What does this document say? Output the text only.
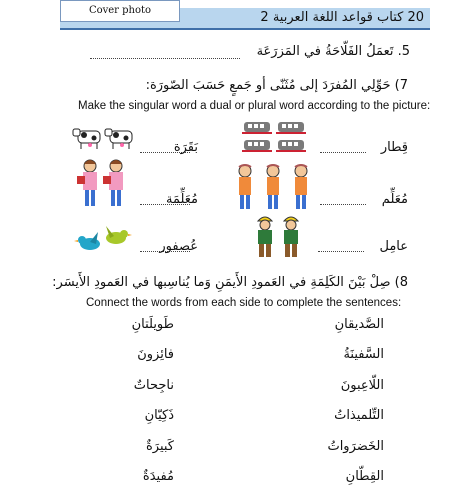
Cover photo	20 كتاب قواعد اللغة العربية 2
5. تَعمَلُ الفَلّاحَةُ في المَزرَعَة
7) حَوِّلِي المُفرَدَ إلى مُثَنّى أو جَمعٍ حَسَبَ الصّورَة:
Make the singular word a dual or plural word according to the picture:
قِطار
بَقَرَة
مُعَلِّم
مُعَلِّمَة
عامِل
عُصفور
8) صِلْ بَيْنَ الكَلِمَةِ في العَمودِ الأَيمَنِ وَما يُناسِبها في العَمودِ الأَيسَر:
Connect the words from each side to complete the sentences:
الصَّديقانِ
السَّفينَةُ
اللّاعِبونَ
التِّلميذاتُ
الخَضرَواتُ
القِطّانِ
طَويلَتانِ
فائِزونَ
ناجِحاتٌ
ذَكِيّانِ
كَبيرَةٌ
مُفيدَةٌ
